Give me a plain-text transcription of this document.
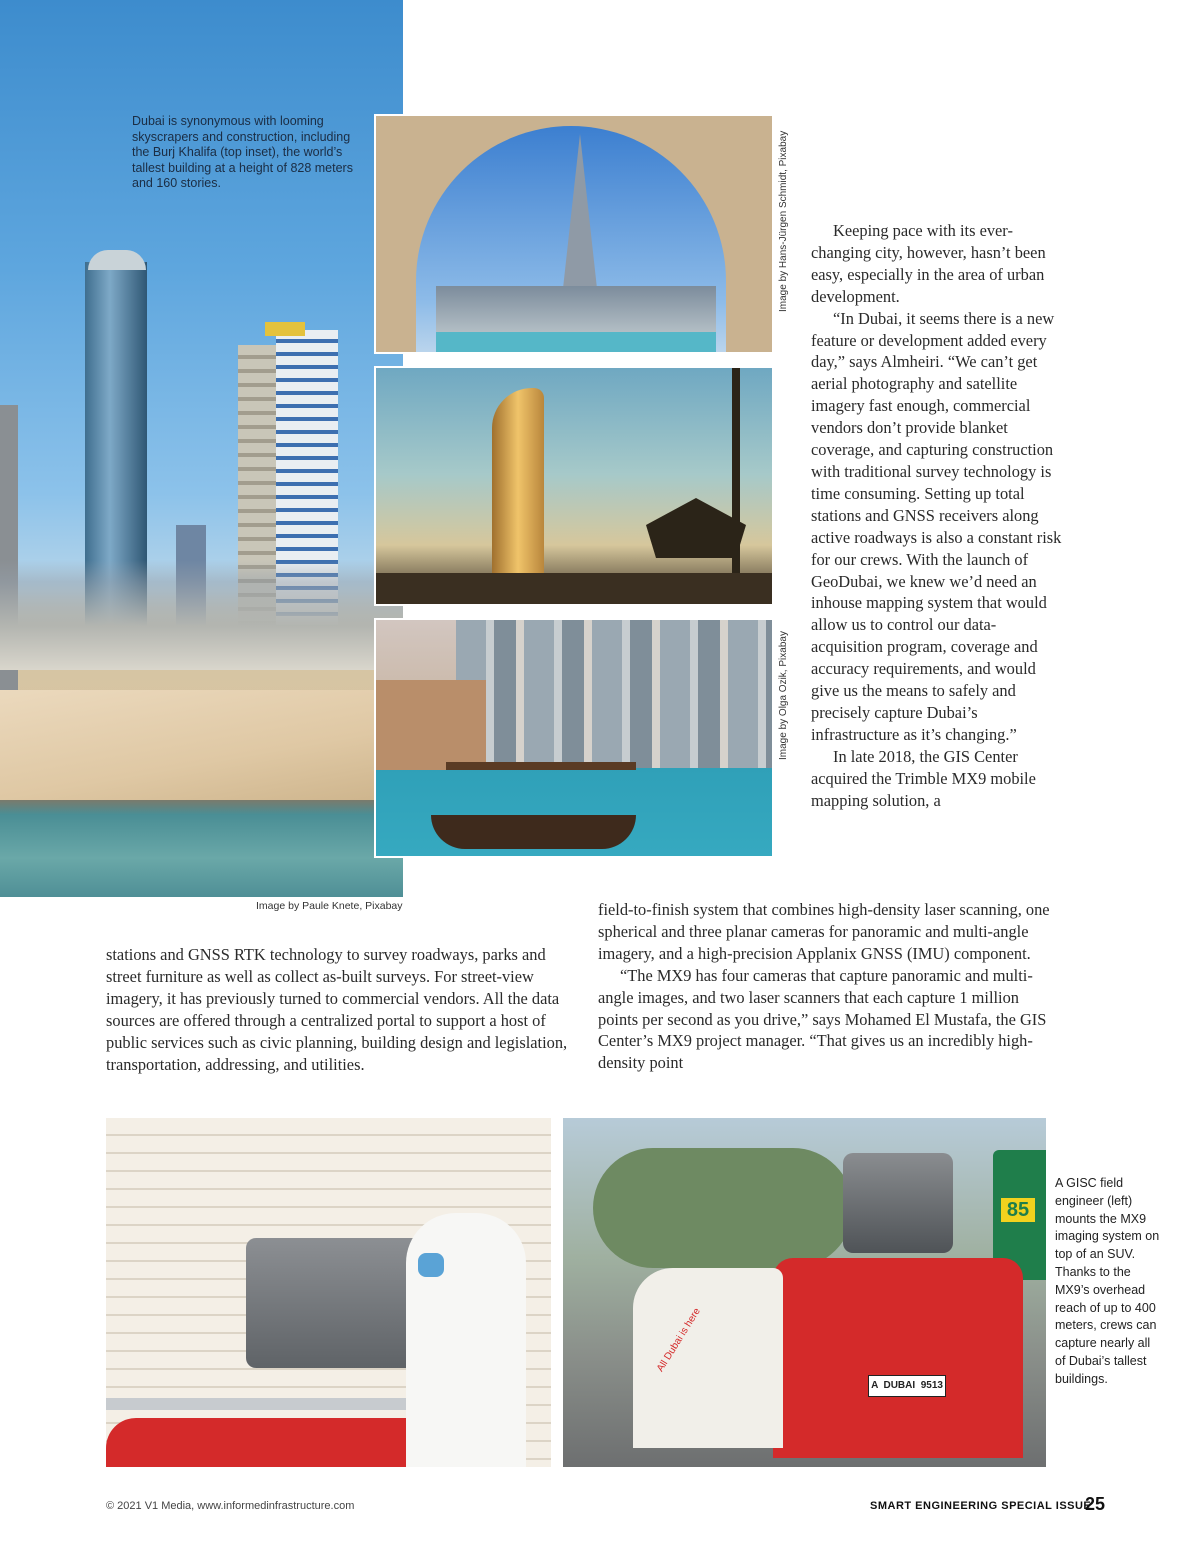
Dubai is synonymous with looming skyscrapers and construction, including the Burj Khalifa (top inset), the world’s tallest building at a height of 828 meters and 160 stories.
Image by Paule Knete, Pixabay
Image by Hans-Jürgen Schmidt, Pixabay
Image by Olga Ozik, Pixabay

Keeping pace with its ever-changing city, however, hasn’t been easy, especially in the area of urban development.

“In Dubai, it seems there is a new feature or development added every day,” says Almheiri. “We can’t get aerial photography and satellite imagery fast enough, commercial vendors don’t provide blanket coverage, and capturing construction with traditional survey technology is time consuming. Setting up total stations and GNSS receivers along active roadways is also a constant risk for our crews. With the launch of GeoDubai, we knew we’d need an inhouse mapping system that would allow us to control our data-acquisition program, coverage and accuracy requirements, and would give us the means to safely and precisely capture Dubai’s infrastructure as it’s changing.”

In late 2018, the GIS Center acquired the Trimble MX9 mobile mapping solution, a

field-to-finish system that combines high-density laser scanning, one spherical and three planar cameras for panoramic and multi-angle imagery, and a high-precision Applanix GNSS (IMU) component.

“The MX9 has four cameras that capture panoramic and multi-angle images, and two laser scanners that each capture 1 million points per second as you drive,” says Mohamed El Mustafa, the GIS Center’s MX9 project manager. “That gives us an incredibly high-density point

stations and GNSS RTK technology to survey roadways, parks and street furniture as well as collect as-built surveys. For street-view imagery, it has previously turned to commercial vendors. All the data sources are offered through a centralized portal to support a host of public services such as civic planning, building design and legislation, transportation, addressing, and utilities.

85
All Dubai is here
A  DUBAI  9513
A GISC field engineer (left) mounts the MX9 imaging system on top of an SUV. Thanks to the MX9’s overhead reach of up to 400 meters, crews can capture nearly all of Dubai’s tallest buildings.
© 2021 V1 Media, www.informedinfrastructure.com	SMART ENGINEERING SPECIAL ISSUE
25
